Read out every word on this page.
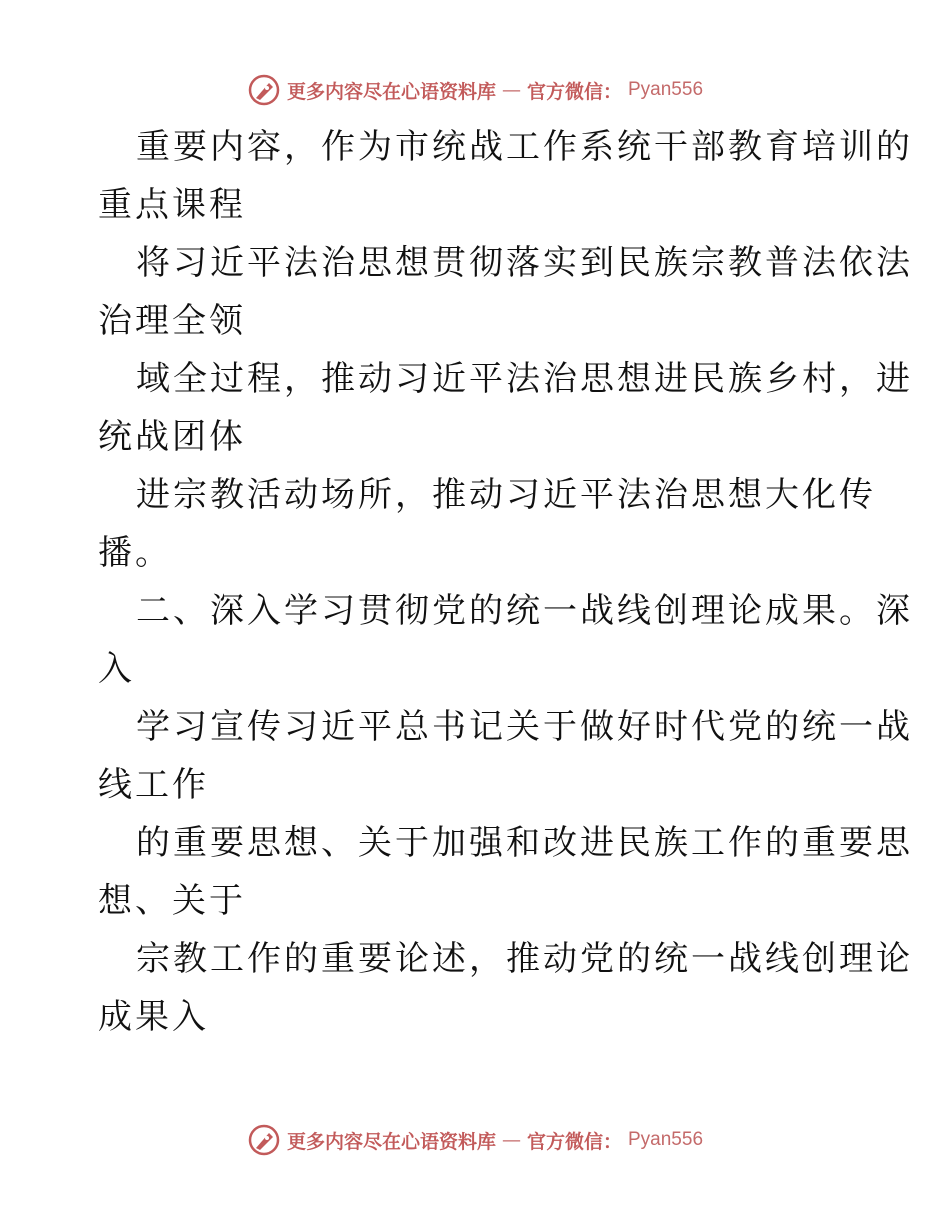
更多内容尽在心语资料库 — 官方微信： Pyan556
重要内容，作为市统战工作系统干部教育培训的
重点课程
将习近平法治思想贯彻落实到民族宗教普法依法
治理全领
域全过程，推动习近平法治思想进民族乡村，进
统战团体
进宗教活动场所，推动习近平法治思想大化传
播。
二、深入学习贯彻党的统一战线创理论成果。深
入
学习宣传习近平总书记关于做好时代党的统一战
线工作
的重要思想、关于加强和改进民族工作的重要思
想、关于
宗教工作的重要论述，推动党的统一战线创理论
成果入
更多内容尽在心语资料库 — 官方微信： Pyan556
